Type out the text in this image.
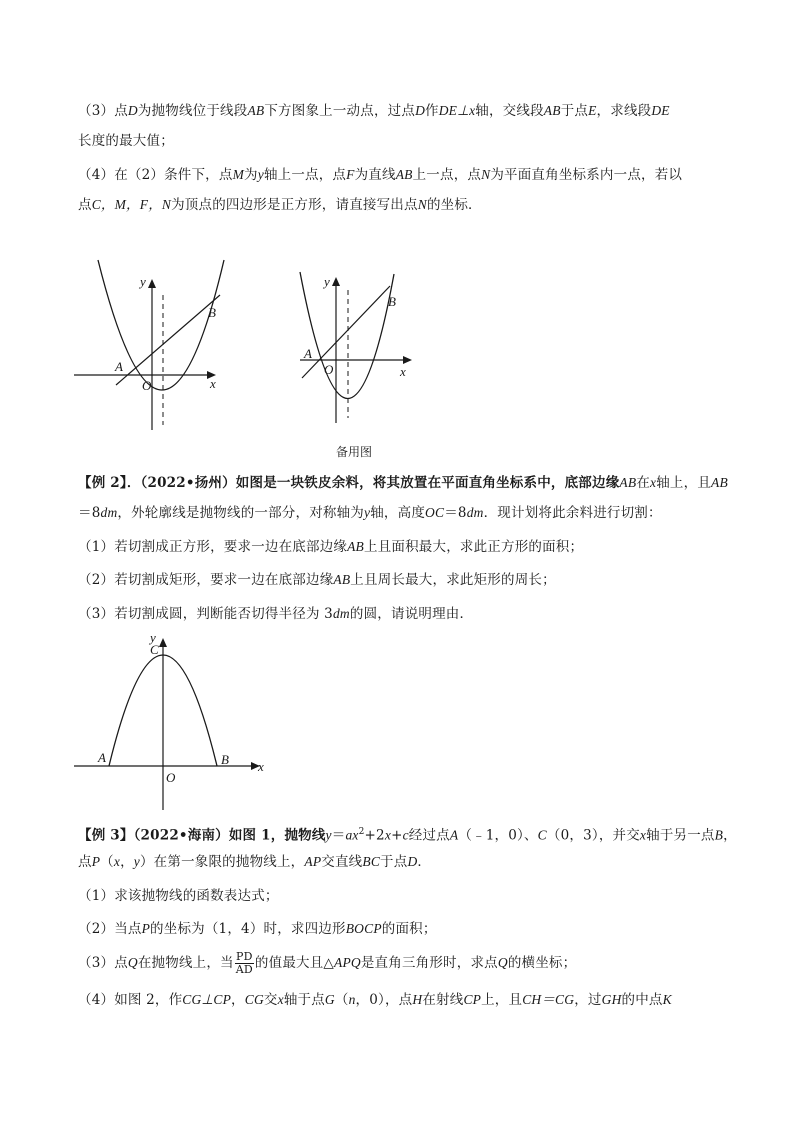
（3）点D为抛物线位于线段AB下方图象上一动点，过点D作DE⊥x轴，交线段AB于点E，求线段DE
长度的最大值；
（4）在（2）条件下，点M为y轴上一点，点F为直线AB上一点，点N为平面直角坐标系内一点，若以
点C，M，F，N为顶点的四边形是正方形，请直接写出点N的坐标．
y
x
A
O
B
y
x
A
O
B
备用图
【例 2】．（2022•扬州）如图是一块铁皮余料，将其放置在平面直角坐标系中，底部边缘AB在x轴上，且AB
＝8dm，外轮廓线是抛物线的一部分，对称轴为y轴，高度OC＝8dm．现计划将此余料进行切割：
（1）若切割成正方形，要求一边在底部边缘AB上且面积最大，求此正方形的面积；
（2）若切割成矩形，要求一边在底部边缘AB上且周长最大，求此矩形的周长；
（3）若切割成圆，判断能否切得半径为 3dm的圆，请说明理由．
y
C
x
A
O
B
【例 3】（2022•海南）如图 1，抛物线$y=ax^2+2x+c$经过点A（﹣1，0）、C（0，3），并交x轴于另一点B，
点P（x，y）在第一象限的抛物线上，AP交直线BC于点D．
（1）求该抛物线的函数表达式；
（2）当点P的坐标为（1，4）时，求四边形BOCP的面积；
（3）点Q在抛物线上，当 $\frac{PD}{AD}$ 的值最大且△APQ是直角三角形时，求点Q的横坐标；
（4）如图 2，作CG⊥CP，CG交x轴于点G（n，0），点H在射线CP上，且CH＝CG，过GH的中点K
